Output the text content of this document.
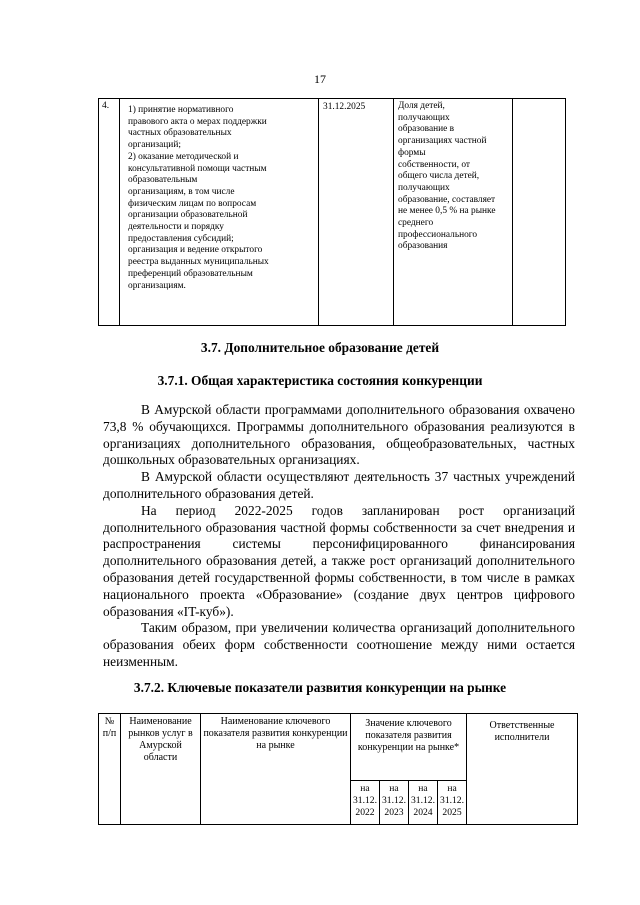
17
4.	1) принятие нормативного
правового акта о мерах поддержки
частных образовательных
организаций;
2) оказание методической и
консультативной помощи частным
образовательным
организациям, в том числе
физическим лицам по вопросам
организации образовательной
деятельности и порядку
предоставления субсидий;
организация и ведение открытого
реестра выданных муниципальных
преференций образовательным
организациям.
	31.12.2025	Доля детей,
получающих
образование в
организациях частной
формы
собственности, от
общего числа детей,
получающих
образование, составляет
не менее 0,5 % на рынке
среднего
профессионального
образования

3.7. Дополнительное образование детей
3.7.1. Общая характеристика состояния конкуренции

В Амурской области программами дополнительного образования охвачено 73,8 % обучающихся. Программы дополнительного образования реализуются в организациях дополнительного образования, общеобразовательных, частных дошкольных образовательных организациях.

В Амурской области осуществляют деятельность 37 частных учреждений дополнительного образования детей.

На период 2022-2025 годов запланирован рост организаций дополнительного образования частной формы собственности за счет внедрения и распространения системы персонифицированного финансирования дополнительного образования детей, а также рост организаций дополнительного образования детей государственной формы собственности, в том числе в рамках национального проекта «Образование» (создание двух центров цифрового образования «IT-куб»).

Таким образом, при увеличении количества организаций дополнительного образования обеих форм собственности соотношение между ними остается неизменным.

3.7.2. Ключевые показатели развития конкуренции на рынке
№ п/п	Наименование рынков услуг в Амурской области	Наименование ключевого показателя развития конкуренции на рынке	Значение ключевого показателя развития конкуренции на рынке*				Ответственные исполнители

			на
31.12.
2022	на
31.12.
2023	на
31.12.
2024	на
31.12.
2025	
